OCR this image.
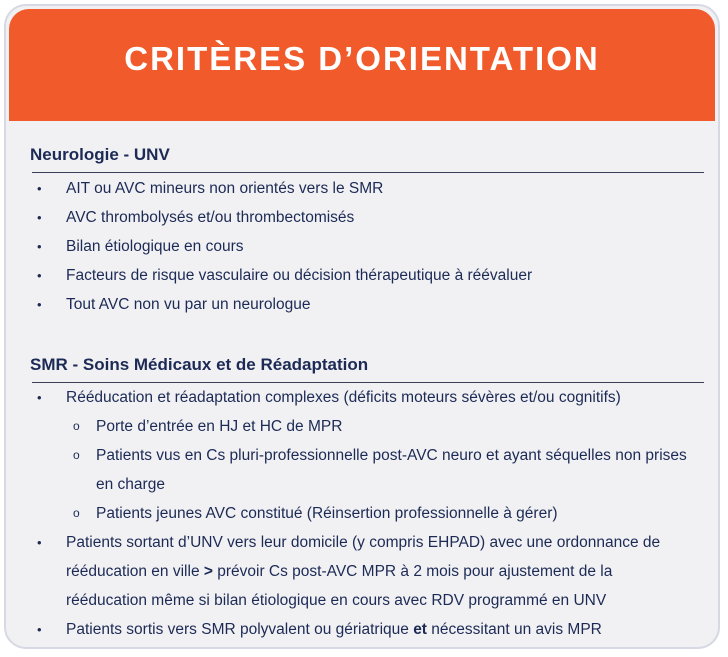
CRITÈRES D’ORIENTATION
Neurologie - UNV
• AIT ou AVC mineurs non orientés vers le SMR
• AVC thrombolysés et/ou thrombectomisés
• Bilan étiologique en cours
• Facteurs de risque vasculaire ou décision thérapeutique à réévaluer
• Tout AVC non vu par un neurologue
SMR - Soins Médicaux et de Réadaptation
• Rééducation et réadaptation complexes (déficits moteurs sévères et/ou cognitifs)
o Porte d’entrée en HJ et HC de MPR
o Patients vus en Cs pluri-professionnelle post-AVC neuro et ayant séquelles non prises en charge
o Patients jeunes AVC constitué (Réinsertion professionnelle à gérer)
• Patients sortant d’UNV vers leur domicile (y compris EHPAD) avec une ordonnance de rééducation en ville > prévoir Cs post-AVC MPR à 2 mois pour ajustement de la rééducation même si bilan étiologique en cours avec RDV programmé en UNV
• Patients sortis vers SMR polyvalent ou gériatrique et nécessitant un avis MPR
